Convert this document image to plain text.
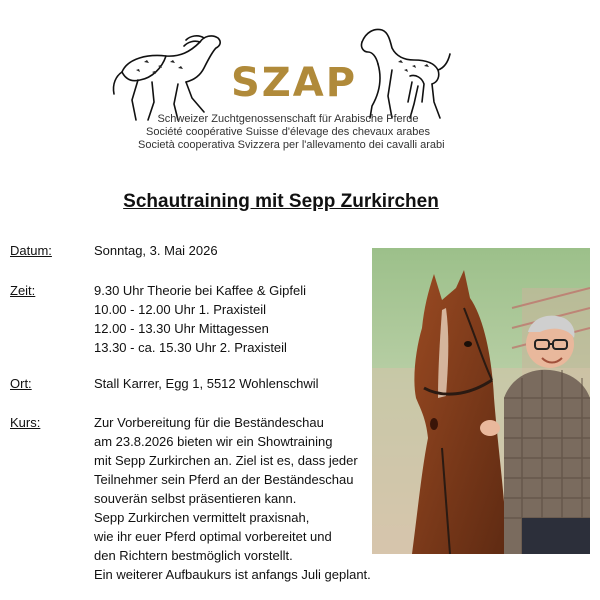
SZAP
Schweizer Zuchtgenossenschaft für Arabische Pferde
Société coopérative Suisse d'élevage des chevaux arabes
Società cooperativa Svizzera per l'allevamento dei cavalli arabi
Schautraining mit Sepp Zurkirchen
Datum:	Sonntag, 3. Mai 2026
Zeit:	9.30 Uhr Theorie bei Kaffee & Gipfeli
10.00 - 12.00 Uhr 1. Praxisteil
12.00 - 13.30 Uhr Mittagessen
13.30 - ca. 15.30 Uhr 2. Praxisteil
Ort:	Stall Karrer, Egg 1, 5512 Wohlenschwil
Kurs:	Zur Vorbereitung für die Beständeschau
am 23.8.2026 bieten wir ein Showtraining
mit Sepp Zurkirchen an. Ziel ist es, dass jeder
Teilnehmer sein Pferd an der Beständeschau
souverän selbst präsentieren kann.
Sepp Zurkirchen vermittelt praxisnah,
wie ihr euer Pferd optimal vorbereitet und
den Richtern bestmöglich vorstellt.
Ein weiterer Aufbaukurs ist anfangs Juli geplant.
